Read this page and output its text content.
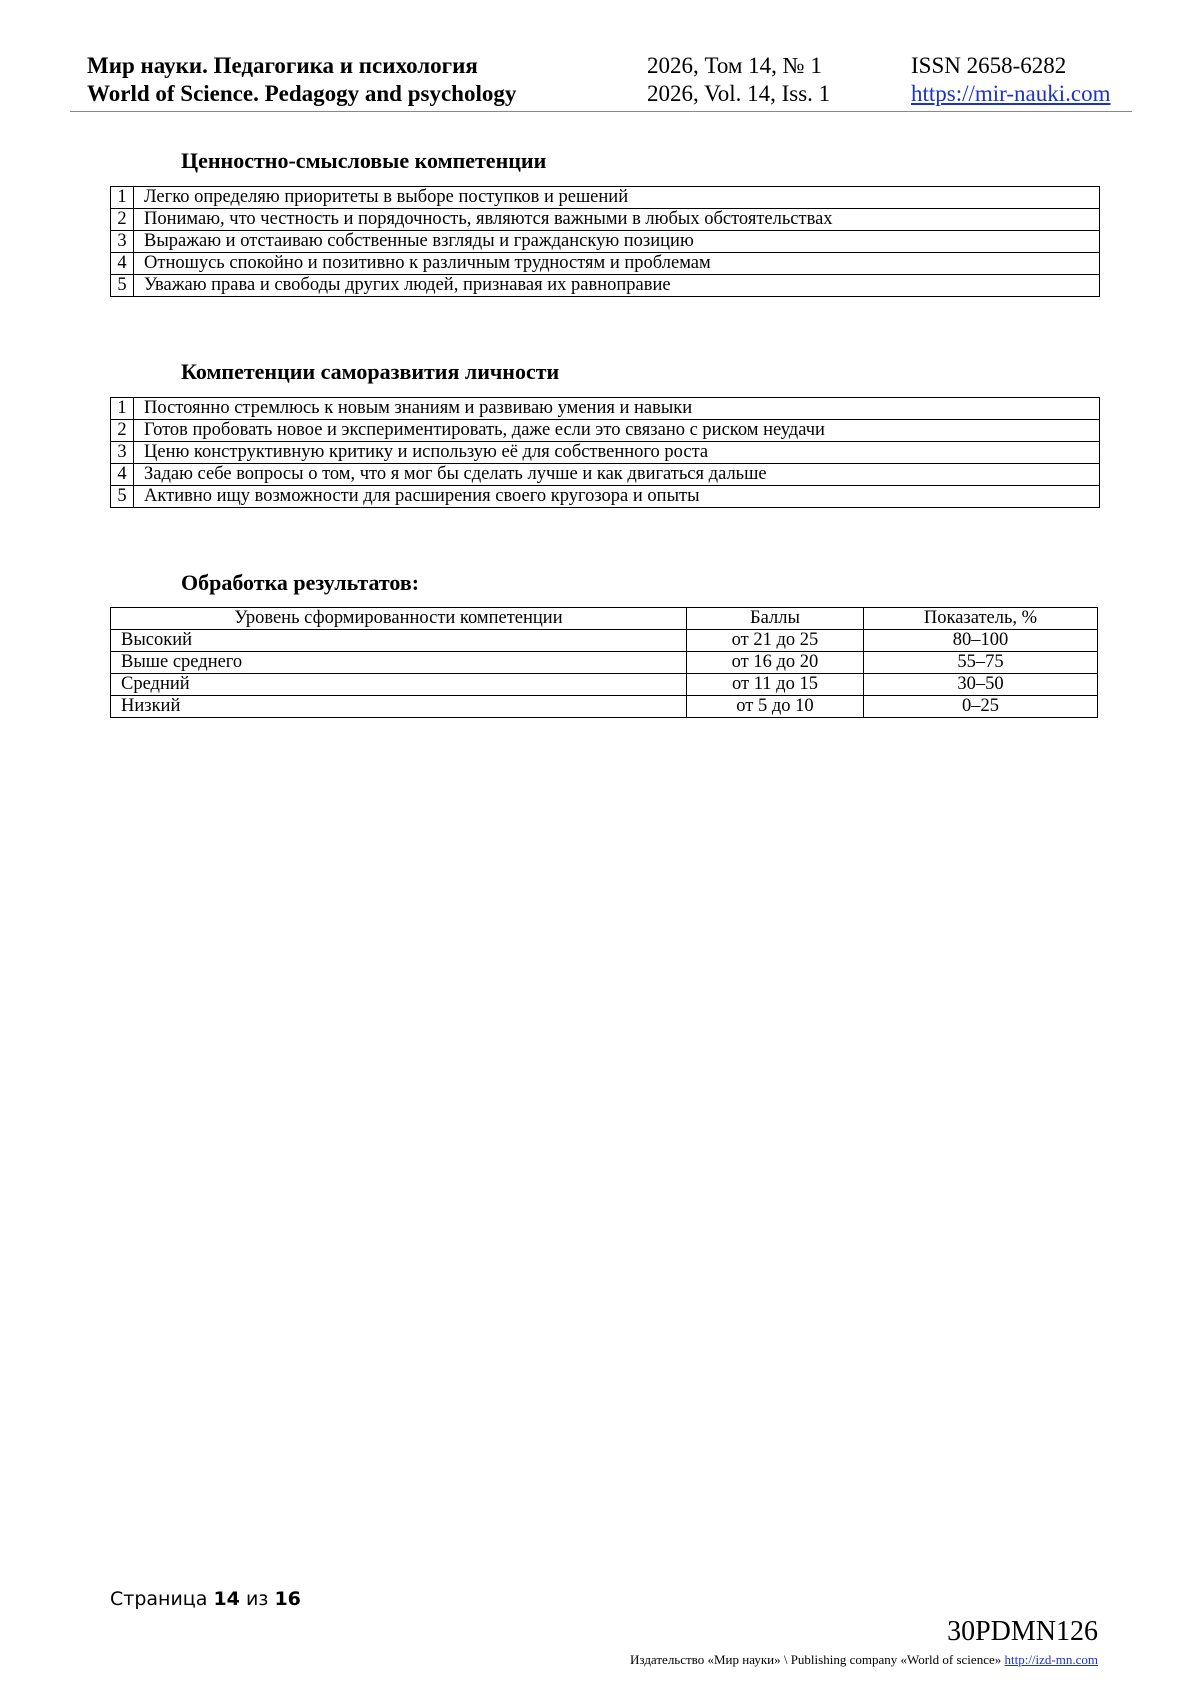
Мир науки. Педагогика и психология
World of Science. Pedagogy and psychology
2026, Том 14, № 1
2026, Vol. 14, Iss. 1
ISSN 2658-6282
https://mir-nauki.com
Ценностно-смысловые компетенции
1	Легко определяю приоритеты в выборе поступков и решений
2	Понимаю, что честность и порядочность, являются важными в любых обстоятельствах
3	Выражаю и отстаиваю собственные взгляды и гражданскую позицию
4	Отношусь спокойно и позитивно к различным трудностям и проблемам
5	Уважаю права и свободы других людей, признавая их равноправие
Компетенции саморазвития личности
1	Постоянно стремлюсь к новым знаниям и развиваю умения и навыки
2	Готов пробовать новое и экспериментировать, даже если это связано с риском неудачи
3	Ценю конструктивную критику и использую её для собственного роста
4	Задаю себе вопросы о том, что я мог бы сделать лучше и как двигаться дальше
5	Активно ищу возможности для расширения своего кругозора и опыты
Обработка результатов:
Уровень сформированности компетенции	Баллы	Показатель, %
Высокий	от 21 до 25	80–100
Выше среднего	от 16 до 20	55–75
Средний	от 11 до 15	30–50
Низкий	от 5 до 10	0–25
Страница 14 из 16
30PDMN126
Издательство «Мир науки» \ Publishing company «World of science» http://izd-mn.com
